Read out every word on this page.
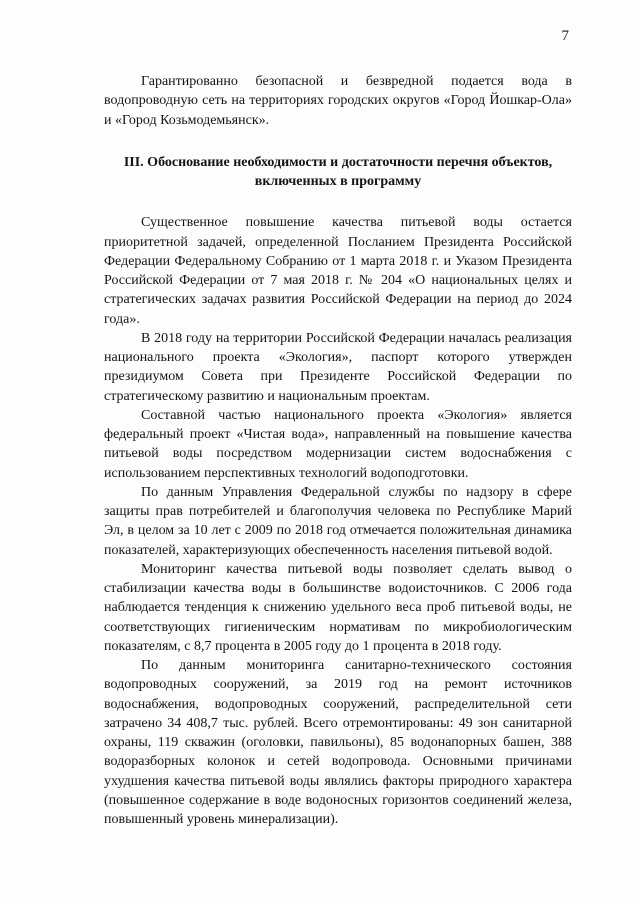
7

Гарантированно безопасной и безвредной подается вода в водопроводную сеть на территориях городских округов «Город Йошкар-Ола» и «Город Козьмодемьянск».

III. Обоснование необходимости и достаточности перечня объектов, включенных в программу

Существенное повышение качества питьевой воды остается приоритетной задачей, определенной Посланием Президента Российской Федерации Федеральному Собранию от 1 марта 2018 г. и Указом Президента Российской Федерации от 7 мая 2018 г. № 204 «О национальных целях и стратегических задачах развития Российской Федерации на период до 2024 года».

В 2018 году на территории Российской Федерации началась реализация национального проекта «Экология», паспорт которого утвержден президиумом Совета при Президенте Российской Федерации по стратегическому развитию и национальным проектам.

Составной частью национального проекта «Экология» является федеральный проект «Чистая вода», направленный на повышение качества питьевой воды посредством модернизации систем водоснабжения с использованием перспективных технологий водоподготовки.

По данным Управления Федеральной службы по надзору в сфере защиты прав потребителей и благополучия человека по Республике Марий Эл, в целом за 10 лет с 2009 по 2018 год отмечается положительная динамика показателей, характеризующих обеспеченность населения питьевой водой.

Мониторинг качества питьевой воды позволяет сделать вывод о стабилизации качества воды в большинстве водоисточников. С 2006 года наблюдается тенденция к снижению удельного веса проб питьевой воды, не соответствующих гигиеническим нормативам по микробиологическим показателям, с 8,7 процента в 2005 году до 1 процента в 2018 году.

По данным мониторинга санитарно-технического состояния водопроводных сооружений, за 2019 год на ремонт источников водоснабжения, водопроводных сооружений, распределительной сети затрачено 34 408,7 тыс. рублей. Всего отремонтированы: 49 зон санитарной охраны, 119 скважин (оголовки, павильоны), 85 водонапорных башен, 388 водоразборных колонок и сетей водопровода. Основными причинами ухудшения качества питьевой воды являлись факторы природного характера (повышенное содержание в воде водоносных горизонтов соединений железа, повышенный уровень минерализации).
